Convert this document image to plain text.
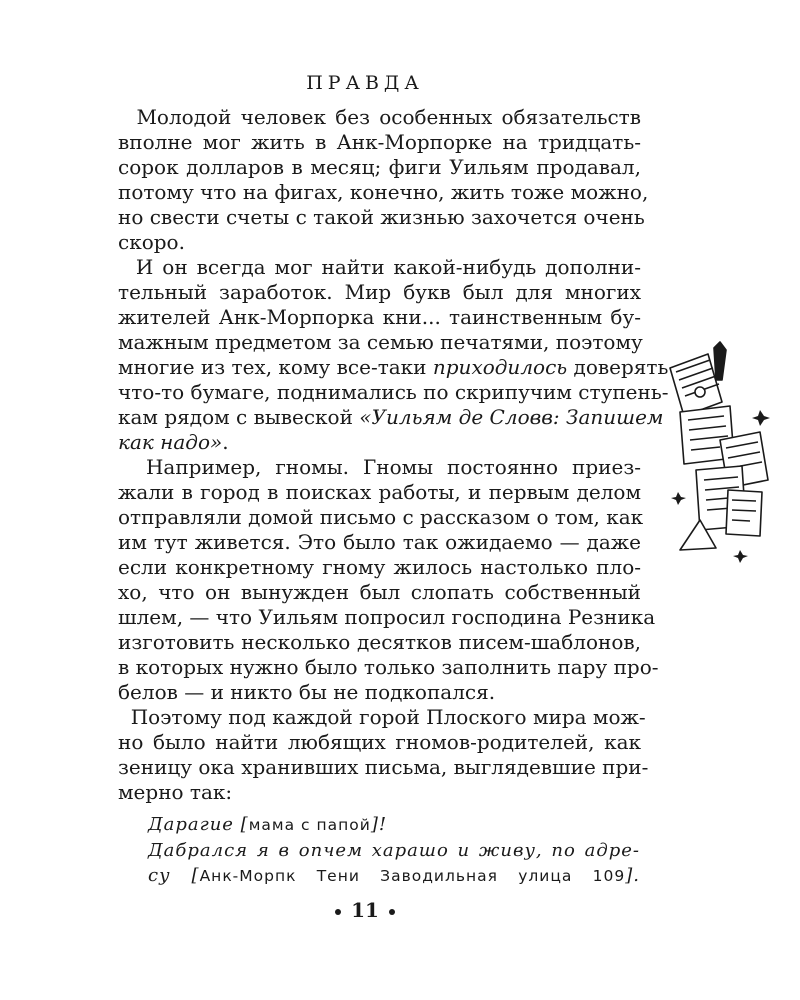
ПРАВДА
Молодой человек без особенных обязательств
вполне мог жить в Анк-Морпорке на тридцать-
сорок долларов в месяц; фиги Уильям продавал,
потому что на фигах, конечно, жить тоже можно,
но свести счеты с такой жизнью захочется очень
скоро.
И он всегда мог найти какой-нибудь дополни-
тельный заработок. Мир букв был для многих
жителей Анк-Морпорка кни... таинственным бу-
мажным предметом за семью печатями, поэтому
многие из тех, кому все-таки приходилось доверять
что-то бумаге, поднимались по скрипучим ступень-
кам рядом с вывеской «Уильям де Словв: Запишем
как надо».
Например, гномы. Гномы постоянно приез-
жали в город в поисках работы, и первым делом
отправляли домой письмо с рассказом о том, как
им тут живется. Это было так ожидаемо — даже
если конкретному гному жилось настолько пло-
хо, что он вынужден был слопать собственный
шлем, — что Уильям попросил господина Резника
изготовить несколько десятков писем-шаблонов,
в которых нужно было только заполнить пару про-
белов — и никто бы не подкопался.
Поэтому под каждой горой Плоского мира мож-
но было найти любящих гномов-родителей, как
зеницу ока хранивших письма, выглядевшие при-
мерно так:
Дарагие [мама с папой]!
Дабрался я в опчем харашо и живу, по адре-
су [Анк-Морпк Тени Заводильная улица 109].
11
